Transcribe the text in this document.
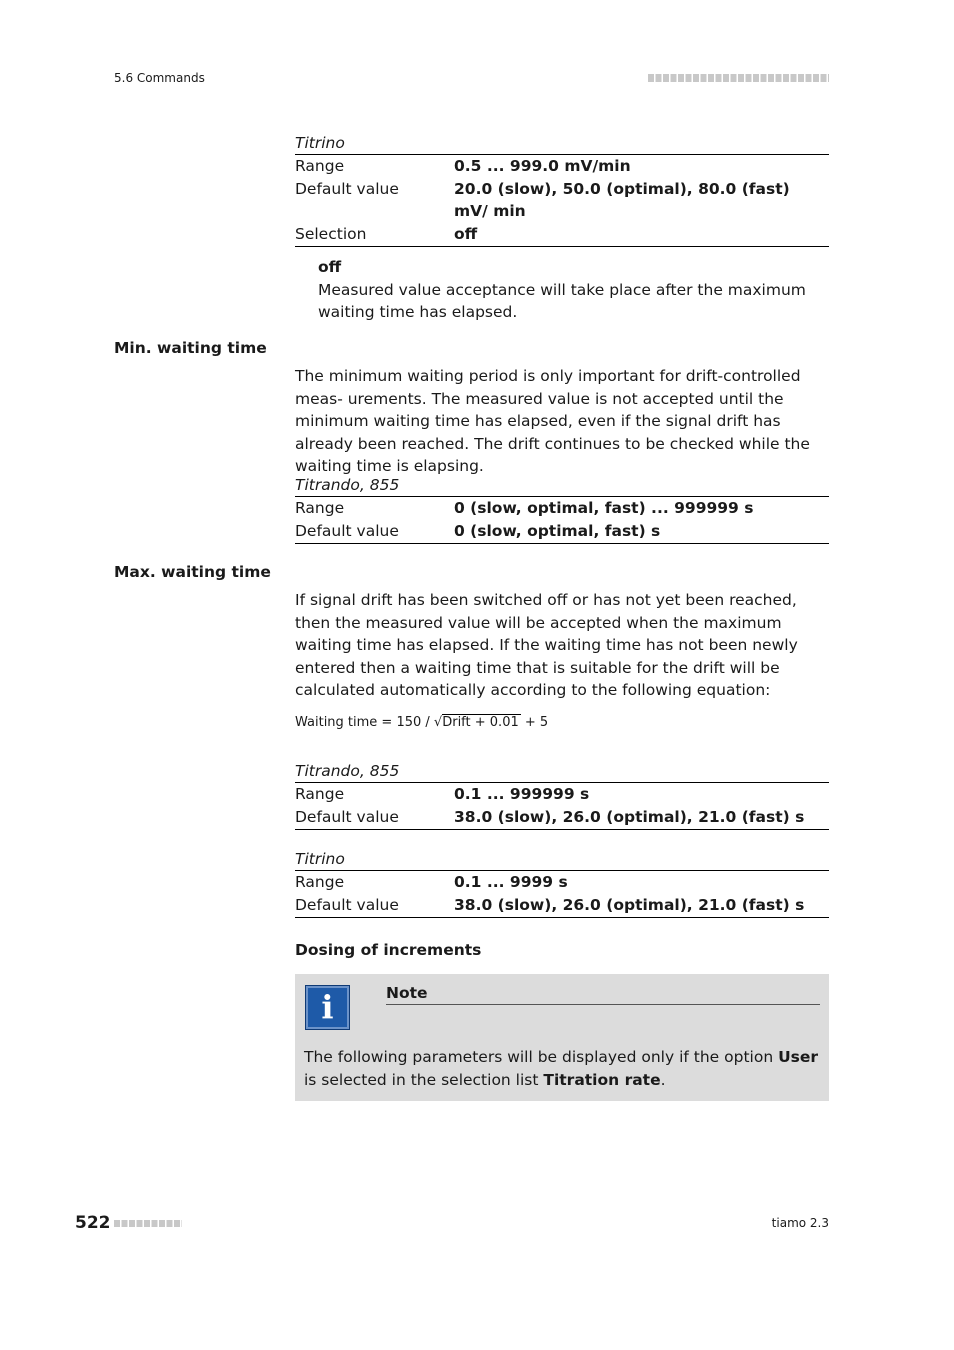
5.6 Commands
Titrino
Range	0.5 ... 999.0 mV/min
Default value	20.0 (slow), 50.0 (optimal), 80.0 (fast) mV/ min
Selection	off
off
Measured value acceptance will take place after the maximum waiting time has elapsed.
Min. waiting time
The minimum waiting period is only important for drift-controlled meas- urements. The measured value is not accepted until the minimum waiting time has elapsed, even if the signal drift has already been reached. The drift continues to be checked while the waiting time is elapsing.
Titrando, 855
Range	0 (slow, optimal, fast) ... 999999 s
Default value	0 (slow, optimal, fast) s
Max. waiting time
If signal drift has been switched off or has not yet been reached, then the measured value will be accepted when the maximum waiting time has elapsed. If the waiting time has not been newly entered then a waiting time that is suitable for the drift will be calculated automatically according to the following equation:
Waiting time = 150 / √Drift + 0.01 + 5
Titrando, 855
Range	0.1 ... 999999 s
Default value	38.0 (slow), 26.0 (optimal), 21.0 (fast) s
Titrino
Range	0.1 ... 9999 s
Default value	38.0 (slow), 26.0 (optimal), 21.0 (fast) s
Dosing of increments
i	Note
The following parameters will be displayed only if the option User is selected in the selection list Titration rate.
522	tiamo 2.3
